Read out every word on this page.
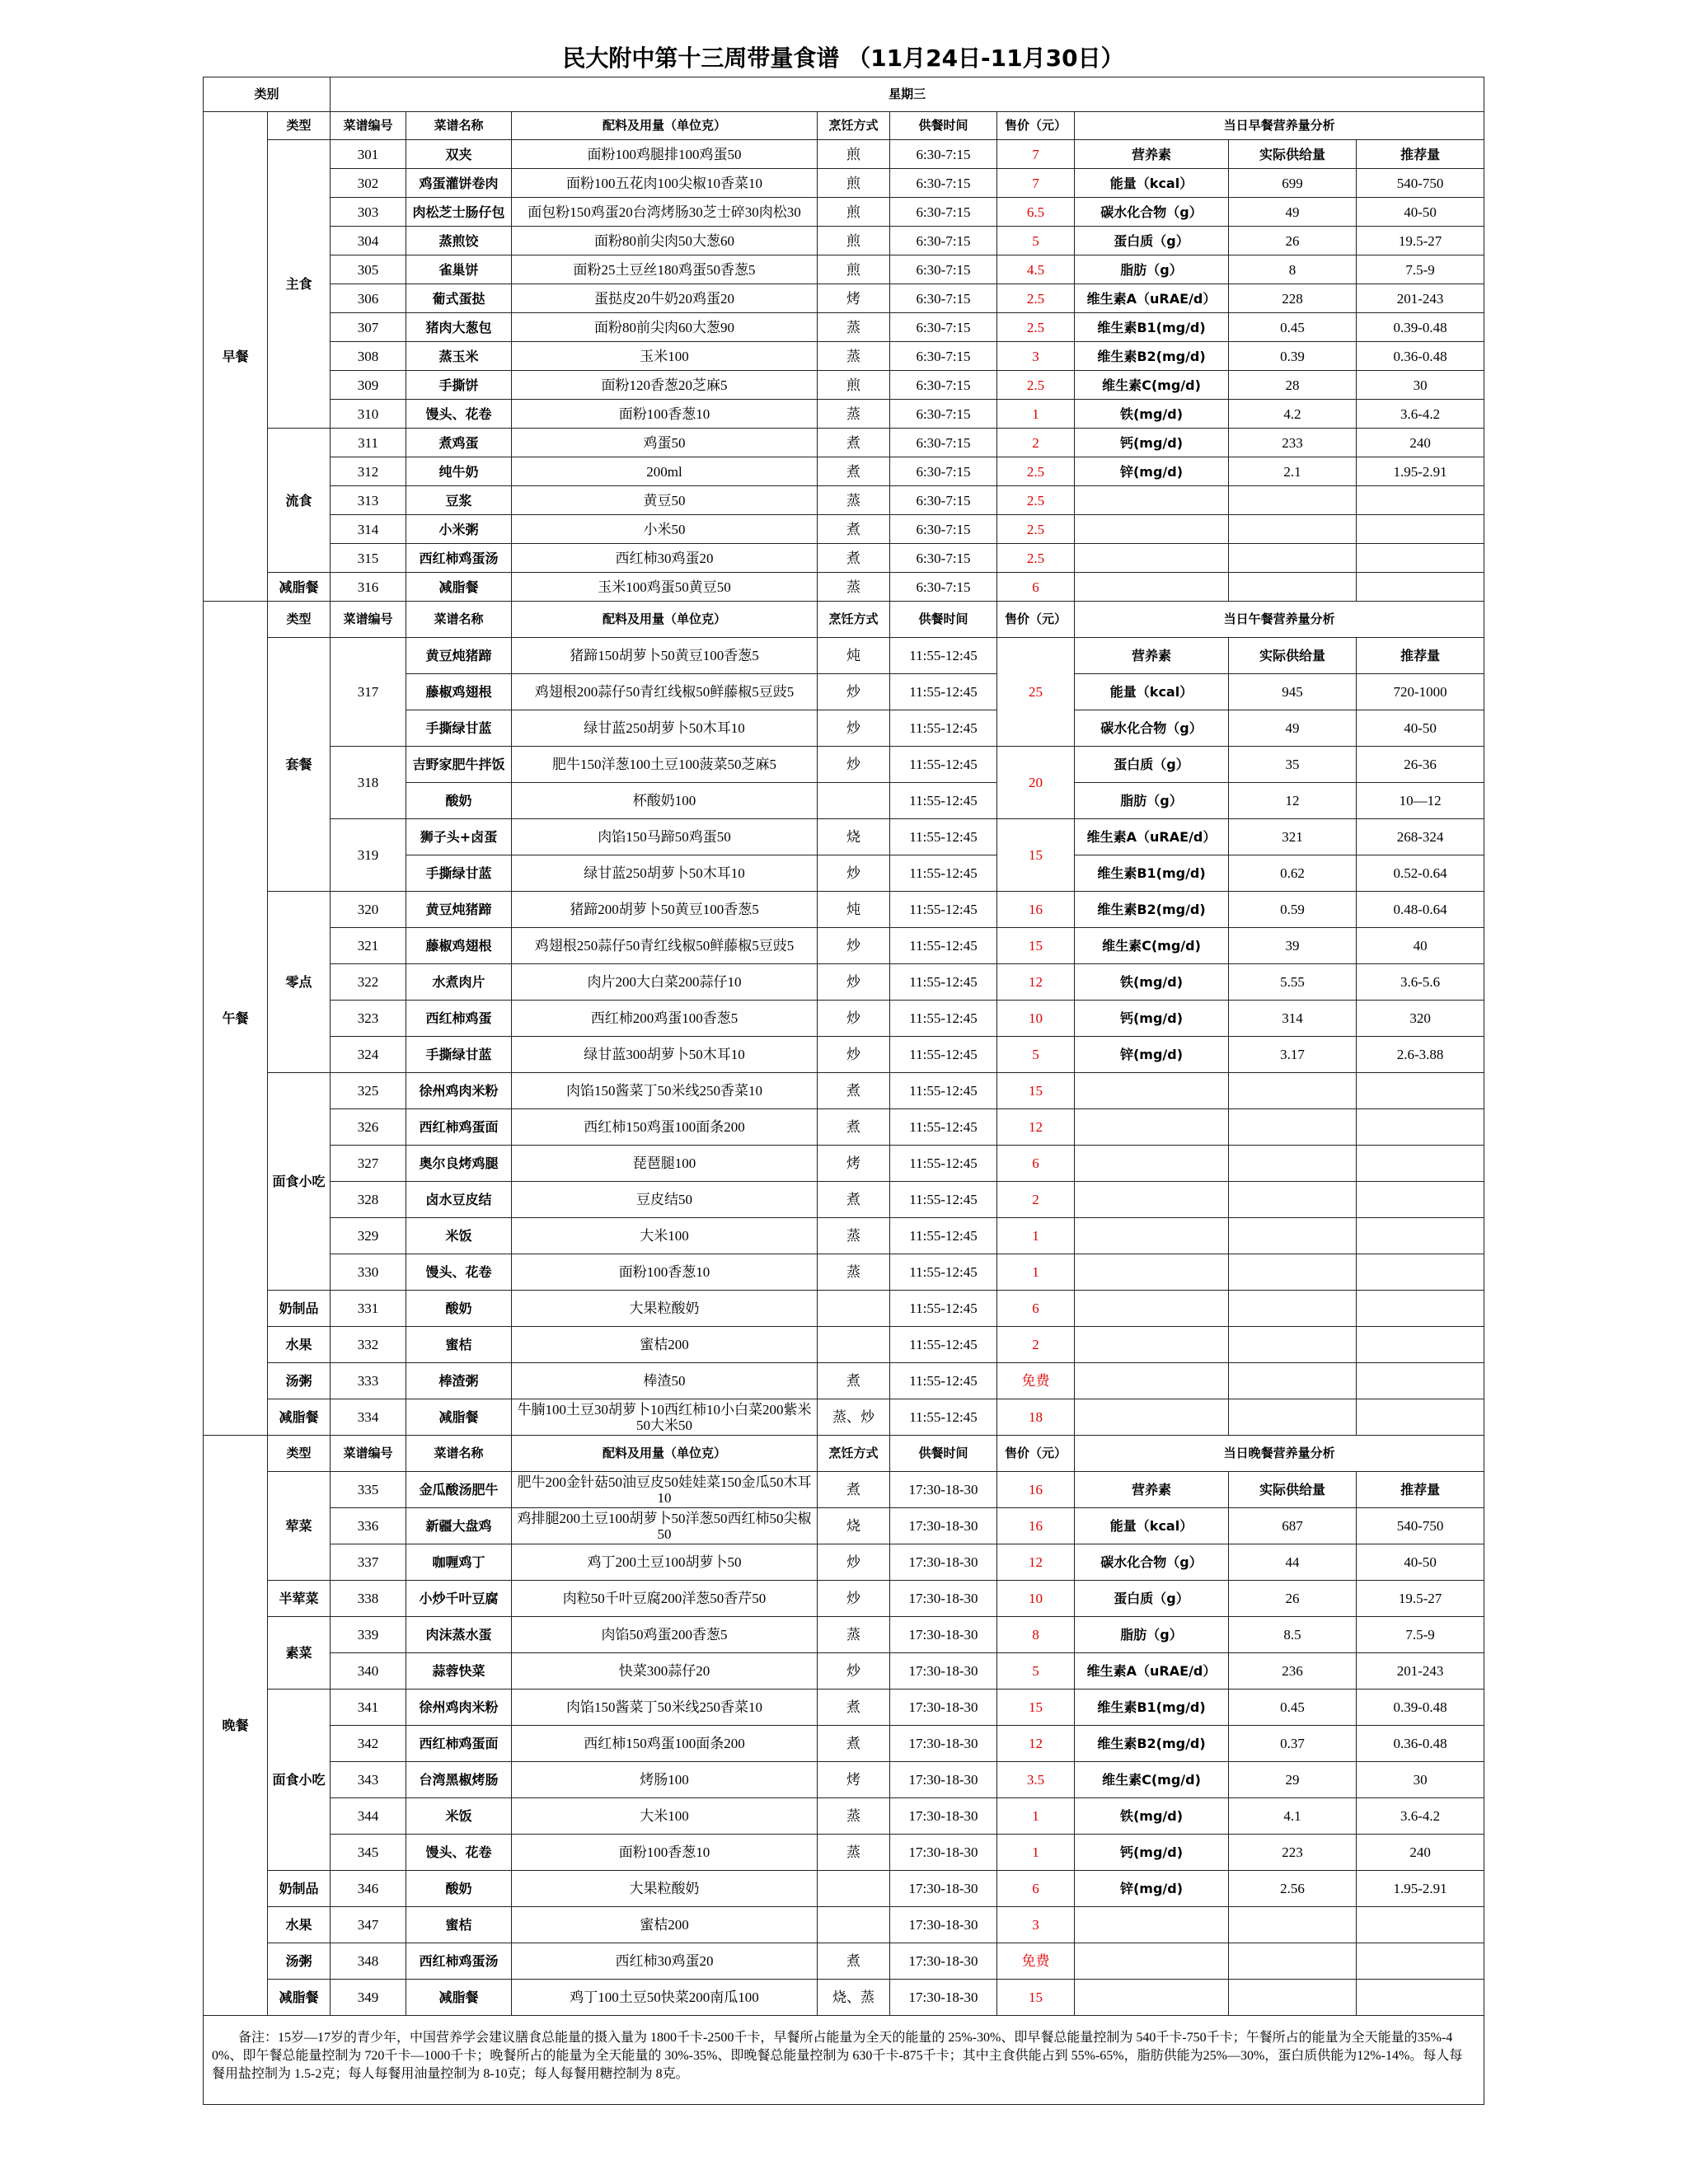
民大附中第十三周带量食谱 （11月24日-11月30日）
类别		星期三								
早餐	类型	菜谱编号	菜谱名称	配料及用量（单位克）	烹饪方式	供餐时间	售价（元）	当日早餐营养量分析		
	主食	301	双夹	面粉100鸡腿排100鸡蛋50	煎	6:30-7:15	7	营养素	实际供给量	推荐量
		302	鸡蛋灌饼卷肉	面粉100五花肉100尖椒10香菜10	煎	6:30-7:15	7	能量（kcal）	699	540-750
		303	肉松芝士肠仔包	面包粉150鸡蛋20台湾烤肠30芝士碎30肉松30	煎	6:30-7:15	6.5	碳水化合物（g）	49	40-50
		304	蒸煎饺	面粉80前尖肉50大葱60	煎	6:30-7:15	5	蛋白质（g）	26	19.5-27
		305	雀巢饼	面粉25土豆丝180鸡蛋50香葱5	煎	6:30-7:15	4.5	脂肪（g）	8	7.5-9
		306	葡式蛋挞	蛋挞皮20牛奶20鸡蛋20	烤	6:30-7:15	2.5	维生素A（uRAE/d）	228	201-243
		307	猪肉大葱包	面粉80前尖肉60大葱90	蒸	6:30-7:15	2.5	维生素B1(mg/d)	0.45	0.39-0.48
		308	蒸玉米	玉米100	蒸	6:30-7:15	3	维生素B2(mg/d)	0.39	0.36-0.48
		309	手撕饼	面粉120香葱20芝麻5	煎	6:30-7:15	2.5	维生素C(mg/d)	28	30
		310	馒头、花卷	面粉100香葱10	蒸	6:30-7:15	1	铁(mg/d)	4.2	3.6-4.2
	流食	311	煮鸡蛋	鸡蛋50	煮	6:30-7:15	2	钙(mg/d)	233	240
		312	纯牛奶	200ml	煮	6:30-7:15	2.5	锌(mg/d)	2.1	1.95-2.91
		313	豆浆	黄豆50	蒸	6:30-7:15	2.5			
		314	小米粥	小米50	煮	6:30-7:15	2.5			
		315	西红柿鸡蛋汤	西红柿30鸡蛋20	煮	6:30-7:15	2.5			
	减脂餐	316	减脂餐	玉米100鸡蛋50黄豆50	蒸	6:30-7:15	6			
午餐	类型	菜谱编号	菜谱名称	配料及用量（单位克）	烹饪方式	供餐时间	售价（元）	当日午餐营养量分析		
	套餐	317	黄豆炖猪蹄	猪蹄150胡萝卜50黄豆100香葱5	炖	11:55-12:45	25	营养素	实际供给量	推荐量
			藤椒鸡翅根	鸡翅根200蒜仔50青红线椒50鲜藤椒5豆豉5	炒	11:55-12:45		能量（kcal）	945	720-1000
			手撕绿甘蓝	绿甘蓝250胡萝卜50木耳10	炒	11:55-12:45		碳水化合物（g）	49	40-50
		318	吉野家肥牛拌饭	肥牛150洋葱100土豆100菠菜50芝麻5	炒	11:55-12:45	20	蛋白质（g）	35	26-36
			酸奶	杯酸奶100		11:55-12:45		脂肪（g）	12	10—12
		319	狮子头+卤蛋	肉馅150马蹄50鸡蛋50	烧	11:55-12:45	15	维生素A（uRAE/d）	321	268-324
			手撕绿甘蓝	绿甘蓝250胡萝卜50木耳10	炒	11:55-12:45		维生素B1(mg/d)	0.62	0.52-0.64
	零点	320	黄豆炖猪蹄	猪蹄200胡萝卜50黄豆100香葱5	炖	11:55-12:45	16	维生素B2(mg/d)	0.59	0.48-0.64
		321	藤椒鸡翅根	鸡翅根250蒜仔50青红线椒50鲜藤椒5豆豉5	炒	11:55-12:45	15	维生素C(mg/d)	39	40
		322	水煮肉片	肉片200大白菜200蒜仔10	炒	11:55-12:45	12	铁(mg/d)	5.55	3.6-5.6
		323	西红柿鸡蛋	西红柿200鸡蛋100香葱5	炒	11:55-12:45	10	钙(mg/d)	314	320
		324	手撕绿甘蓝	绿甘蓝300胡萝卜50木耳10	炒	11:55-12:45	5	锌(mg/d)	3.17	2.6-3.88
	面食小吃	325	徐州鸡肉米粉	肉馅150酱菜丁50米线250香菜10	煮	11:55-12:45	15			
		326	西红柿鸡蛋面	西红柿150鸡蛋100面条200	煮	11:55-12:45	12			
		327	奥尔良烤鸡腿	琵琶腿100	烤	11:55-12:45	6			
		328	卤水豆皮结	豆皮结50	煮	11:55-12:45	2			
		329	米饭	大米100	蒸	11:55-12:45	1			
		330	馒头、花卷	面粉100香葱10	蒸	11:55-12:45	1			
	奶制品	331	酸奶	大果粒酸奶		11:55-12:45	6			
	水果	332	蜜桔	蜜桔200		11:55-12:45	2			
	汤粥	333	棒渣粥	棒渣50	煮	11:55-12:45	免费			
	减脂餐	334	减脂餐	牛腩100土豆30胡萝卜10西红柿10小白菜200紫米50大米50	蒸、炒	11:55-12:45	18			
晚餐	类型	菜谱编号	菜谱名称	配料及用量（单位克）	烹饪方式	供餐时间	售价（元）	当日晚餐营养量分析		
	荤菜	335	金瓜酸汤肥牛	肥牛200金针菇50油豆皮50娃娃菜150金瓜50木耳10	煮	17:30-18-30	16	营养素	实际供给量	推荐量
		336	新疆大盘鸡	鸡排腿200土豆100胡萝卜50洋葱50西红柿50尖椒50	烧	17:30-18-30	16	能量（kcal）	687	540-750
		337	咖喱鸡丁	鸡丁200土豆100胡萝卜50	炒	17:30-18-30	12	碳水化合物（g）	44	40-50
	半荤菜	338	小炒千叶豆腐	肉粒50千叶豆腐200洋葱50香芹50	炒	17:30-18-30	10	蛋白质（g）	26	19.5-27
	素菜	339	肉沫蒸水蛋	肉馅50鸡蛋200香葱5	蒸	17:30-18-30	8	脂肪（g）	8.5	7.5-9
		340	蒜蓉快菜	快菜300蒜仔20	炒	17:30-18-30	5	维生素A（uRAE/d）	236	201-243
	面食小吃	341	徐州鸡肉米粉	肉馅150酱菜丁50米线250香菜10	煮	17:30-18-30	15	维生素B1(mg/d)	0.45	0.39-0.48
		342	西红柿鸡蛋面	西红柿150鸡蛋100面条200	煮	17:30-18-30	12	维生素B2(mg/d)	0.37	0.36-0.48
		343	台湾黑椒烤肠	烤肠100	烤	17:30-18-30	3.5	维生素C(mg/d)	29	30
		344	米饭	大米100	蒸	17:30-18-30	1	铁(mg/d)	4.1	3.6-4.2
		345	馒头、花卷	面粉100香葱10	蒸	17:30-18-30	1	钙(mg/d)	223	240
	奶制品	346	酸奶	大果粒酸奶		17:30-18-30	6	锌(mg/d)	2.56	1.95-2.91
	水果	347	蜜桔	蜜桔200		17:30-18-30	3			
	汤粥	348	西红柿鸡蛋汤	西红柿30鸡蛋20	煮	17:30-18-30	免费			
	减脂餐	349	减脂餐	鸡丁100土豆50快菜200南瓜100	烧、蒸	17:30-18-30	15			
备注：15岁—17岁的青少年，中国营养学会建议膳食总能量的摄入量为 1800千卡-2500千卡，早餐所占能量为全天的能量的 25%-30%、即早餐总能量控制为 540千卡-750千卡；午餐所占的能量为全天能量的35%-40%、即午餐总能量控制为 720千卡—1000千卡；晚餐所占的能量为全天能量的 30%-35%、即晚餐总能量控制为 630千卡-875千卡；其中主食供能占到 55%-65%，脂肪供能为25%—30%，蛋白质供能为12%-14%。每人每餐用盐控制为 1.5-2克；每人每餐用油量控制为 8-10克；每人每餐用糖控制为 8克。										
